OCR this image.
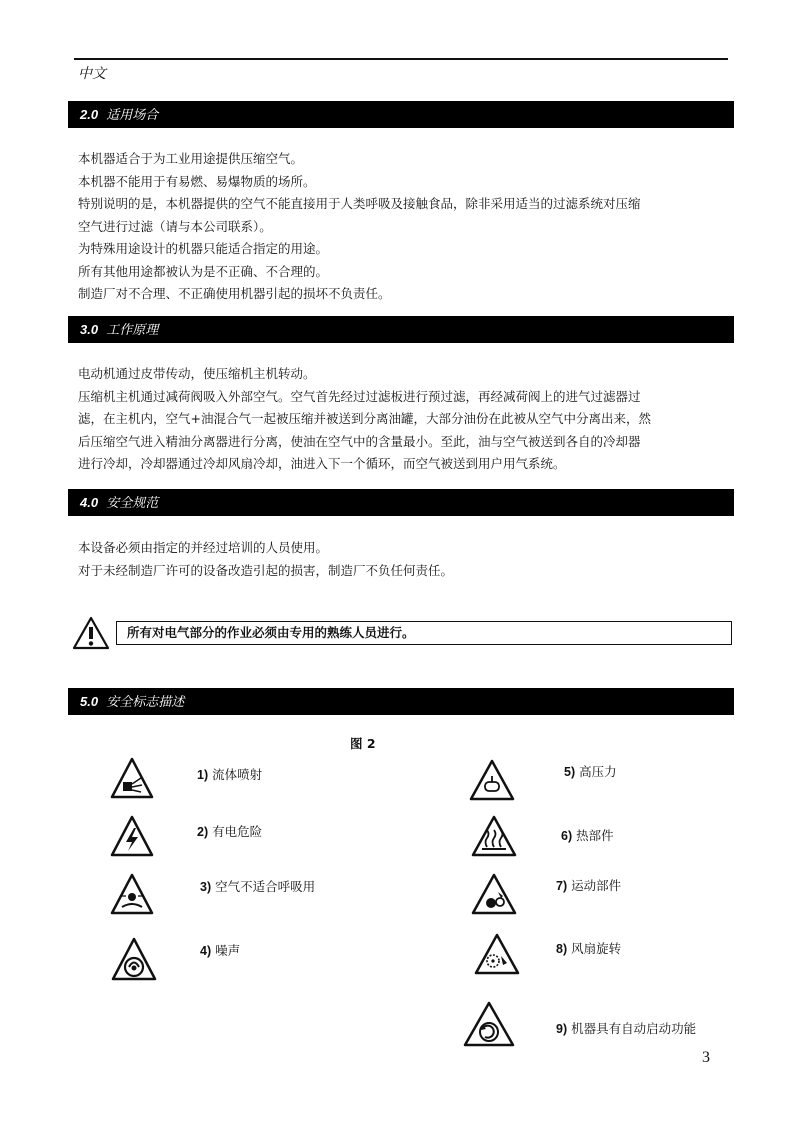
中文
2.0 适用场合

本机器适合于为工业用途提供压缩空气。

本机器不能用于有易燃、易爆物质的场所。

特别说明的是，本机器提供的空气不能直接用于人类呼吸及接触食品，除非采用适当的过滤系统对压缩

空气进行过滤（请与本公司联系）。

为特殊用途设计的机器只能适合指定的用途。

所有其他用途都被认为是不正确、不合理的。

制造厂对不合理、不正确使用机器引起的损坏不负责任。

3.0 工作原理

电动机通过皮带传动，使压缩机主机转动。

压缩机主机通过减荷阀吸入外部空气。空气首先经过过滤板进行预过滤，再经减荷阀上的进气过滤器过

滤，在主机内，空气+油混合气一起被压缩并被送到分离油罐，大部分油份在此被从空气中分离出来，然

后压缩空气进入精油分离器进行分离，使油在空气中的含量最小。至此，油与空气被送到各自的冷却器

进行冷却，冷却器通过冷却风扇冷却，油进入下一个循环，而空气被送到用户用气系统。

4.0 安全规范

本设备必须由指定的并经过培训的人员使用。

对于未经制造厂许可的设备改造引起的损害，制造厂不负任何责任。

所有对电气部分的作业必须由专用的熟练人员进行。
5.0 安全标志描述
图 2
1) 流体喷射
2) 有电危险
3) 空气不适合呼吸用
4) 噪声
5) 高压力
6) 热部件
7) 运动部件
8) 风扇旋转
9) 机器具有自动启动功能
3
